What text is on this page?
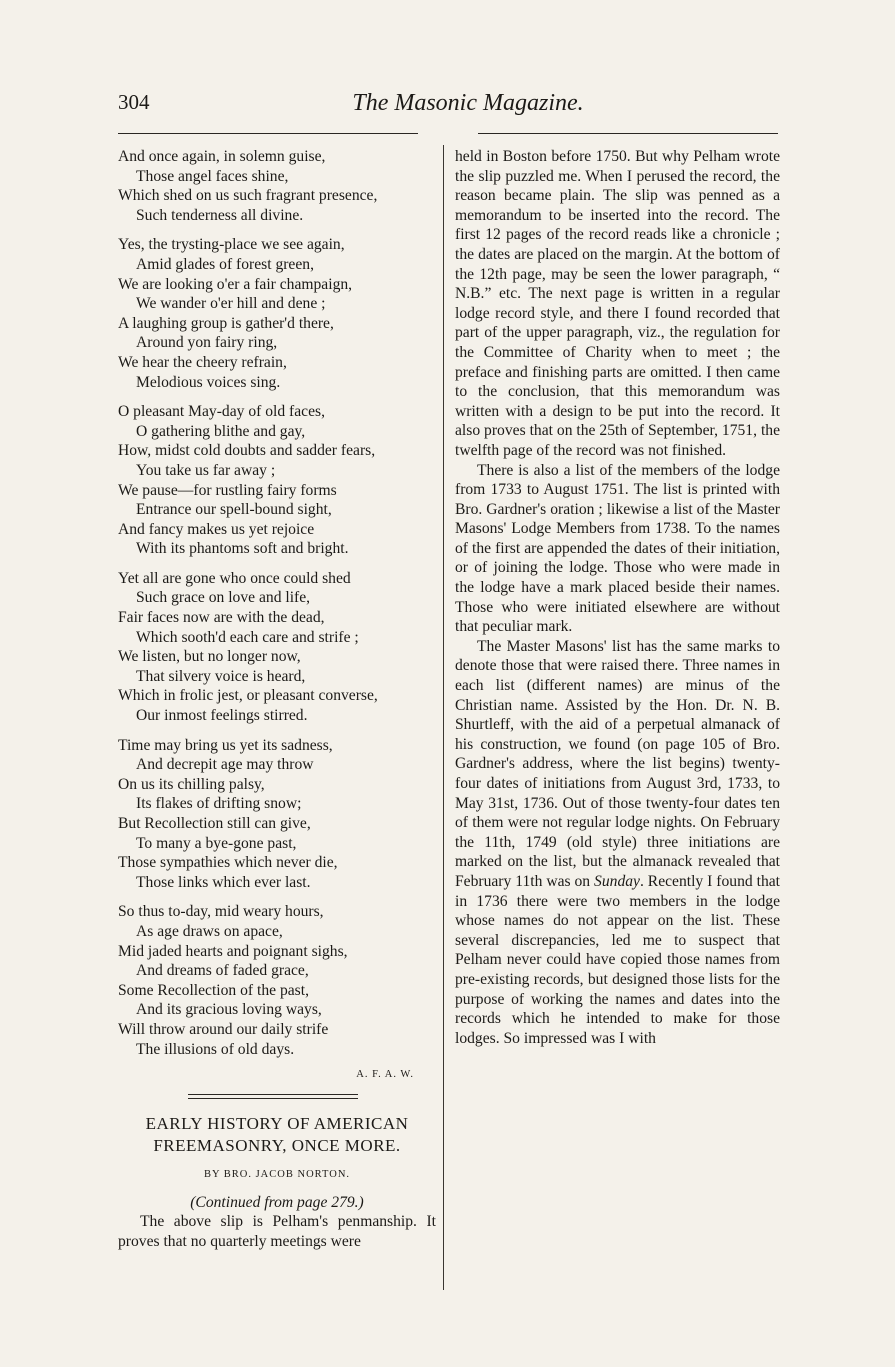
304	The Masonic Magazine.
And once again, in solemn guise,
Those angel faces shine,
Which shed on us such fragrant presence,
Such tenderness all divine.
Yes, the trysting-place we see again,
Amid glades of forest green,
We are looking o'er a fair champaign,
We wander o'er hill and dene ;
A laughing group is gather'd there,
Around yon fairy ring,
We hear the cheery refrain,
Melodious voices sing.
O pleasant May-day of old faces,
O gathering blithe and gay,
How, midst cold doubts and sadder fears,
You take us far away ;
We pause—for rustling fairy forms
Entrance our spell-bound sight,
And fancy makes us yet rejoice
With its phantoms soft and bright.
Yet all are gone who once could shed
Such grace on love and life,
Fair faces now are with the dead,
Which sooth'd each care and strife ;
We listen, but no longer now,
That silvery voice is heard,
Which in frolic jest, or pleasant converse,
Our inmost feelings stirred.
Time may bring us yet its sadness,
And decrepit age may throw
On us its chilling palsy,
Its flakes of drifting snow;
But Recollection still can give,
To many a bye-gone past,
Those sympathies which never die,
Those links which ever last.
So thus to-day, mid weary hours,
As age draws on apace,
Mid jaded hearts and poignant sighs,
And dreams of faded grace,
Some Recollection of the past,
And its gracious loving ways,
Will throw around our daily strife
The illusions of old days.
A. F. A. W.
EARLY HISTORY OF AMERICAN
FREEMASONRY, ONCE MORE.
BY BRO. JACOB NORTON.
(Continued from page 279.)

The above slip is Pelham's penmanship. It proves that no quarterly meetings were

held in Boston before 1750. But why Pelham wrote the slip puzzled me. When I perused the record, the reason became plain. The slip was penned as a memorandum to be inserted into the record. The first 12 pages of the record reads like a chronicle ; the dates are placed on the margin. At the bottom of the 12th page, may be seen the lower paragraph, “ N.B.” etc. The next page is written in a regular lodge record style, and there I found recorded that part of the upper paragraph, viz., the regulation for the Committee of Charity when to meet ; the preface and finishing parts are omitted. I then came to the conclusion, that this memorandum was written with a design to be put into the record. It also proves that on the 25th of September, 1751, the twelfth page of the record was not finished.

There is also a list of the members of the lodge from 1733 to August 1751. The list is printed with Bro. Gardner's oration ; likewise a list of the Master Masons' Lodge Members from 1738. To the names of the first are appended the dates of their initiation, or of joining the lodge. Those who were made in the lodge have a mark placed beside their names. Those who were initiated elsewhere are without that peculiar mark.

The Master Masons' list has the same marks to denote those that were raised there. Three names in each list (different names) are minus of the Christian name. Assisted by the Hon. Dr. N. B. Shurtleff, with the aid of a perpetual almanack of his construction, we found (on page 105 of Bro. Gardner's address, where the list begins) twenty-four dates of initiations from August 3rd, 1733, to May 31st, 1736. Out of those twenty-four dates ten of them were not regular lodge nights. On February the 11th, 1749 (old style) three initiations are marked on the list, but the almanack revealed that February 11th was on Sunday. Recently I found that in 1736 there were two members in the lodge whose names do not appear on the list. These several discrepancies, led me to suspect that Pelham never could have copied those names from pre-existing records, but designed those lists for the purpose of working the names and dates into the records which he intended to make for those lodges. So impressed was I with
